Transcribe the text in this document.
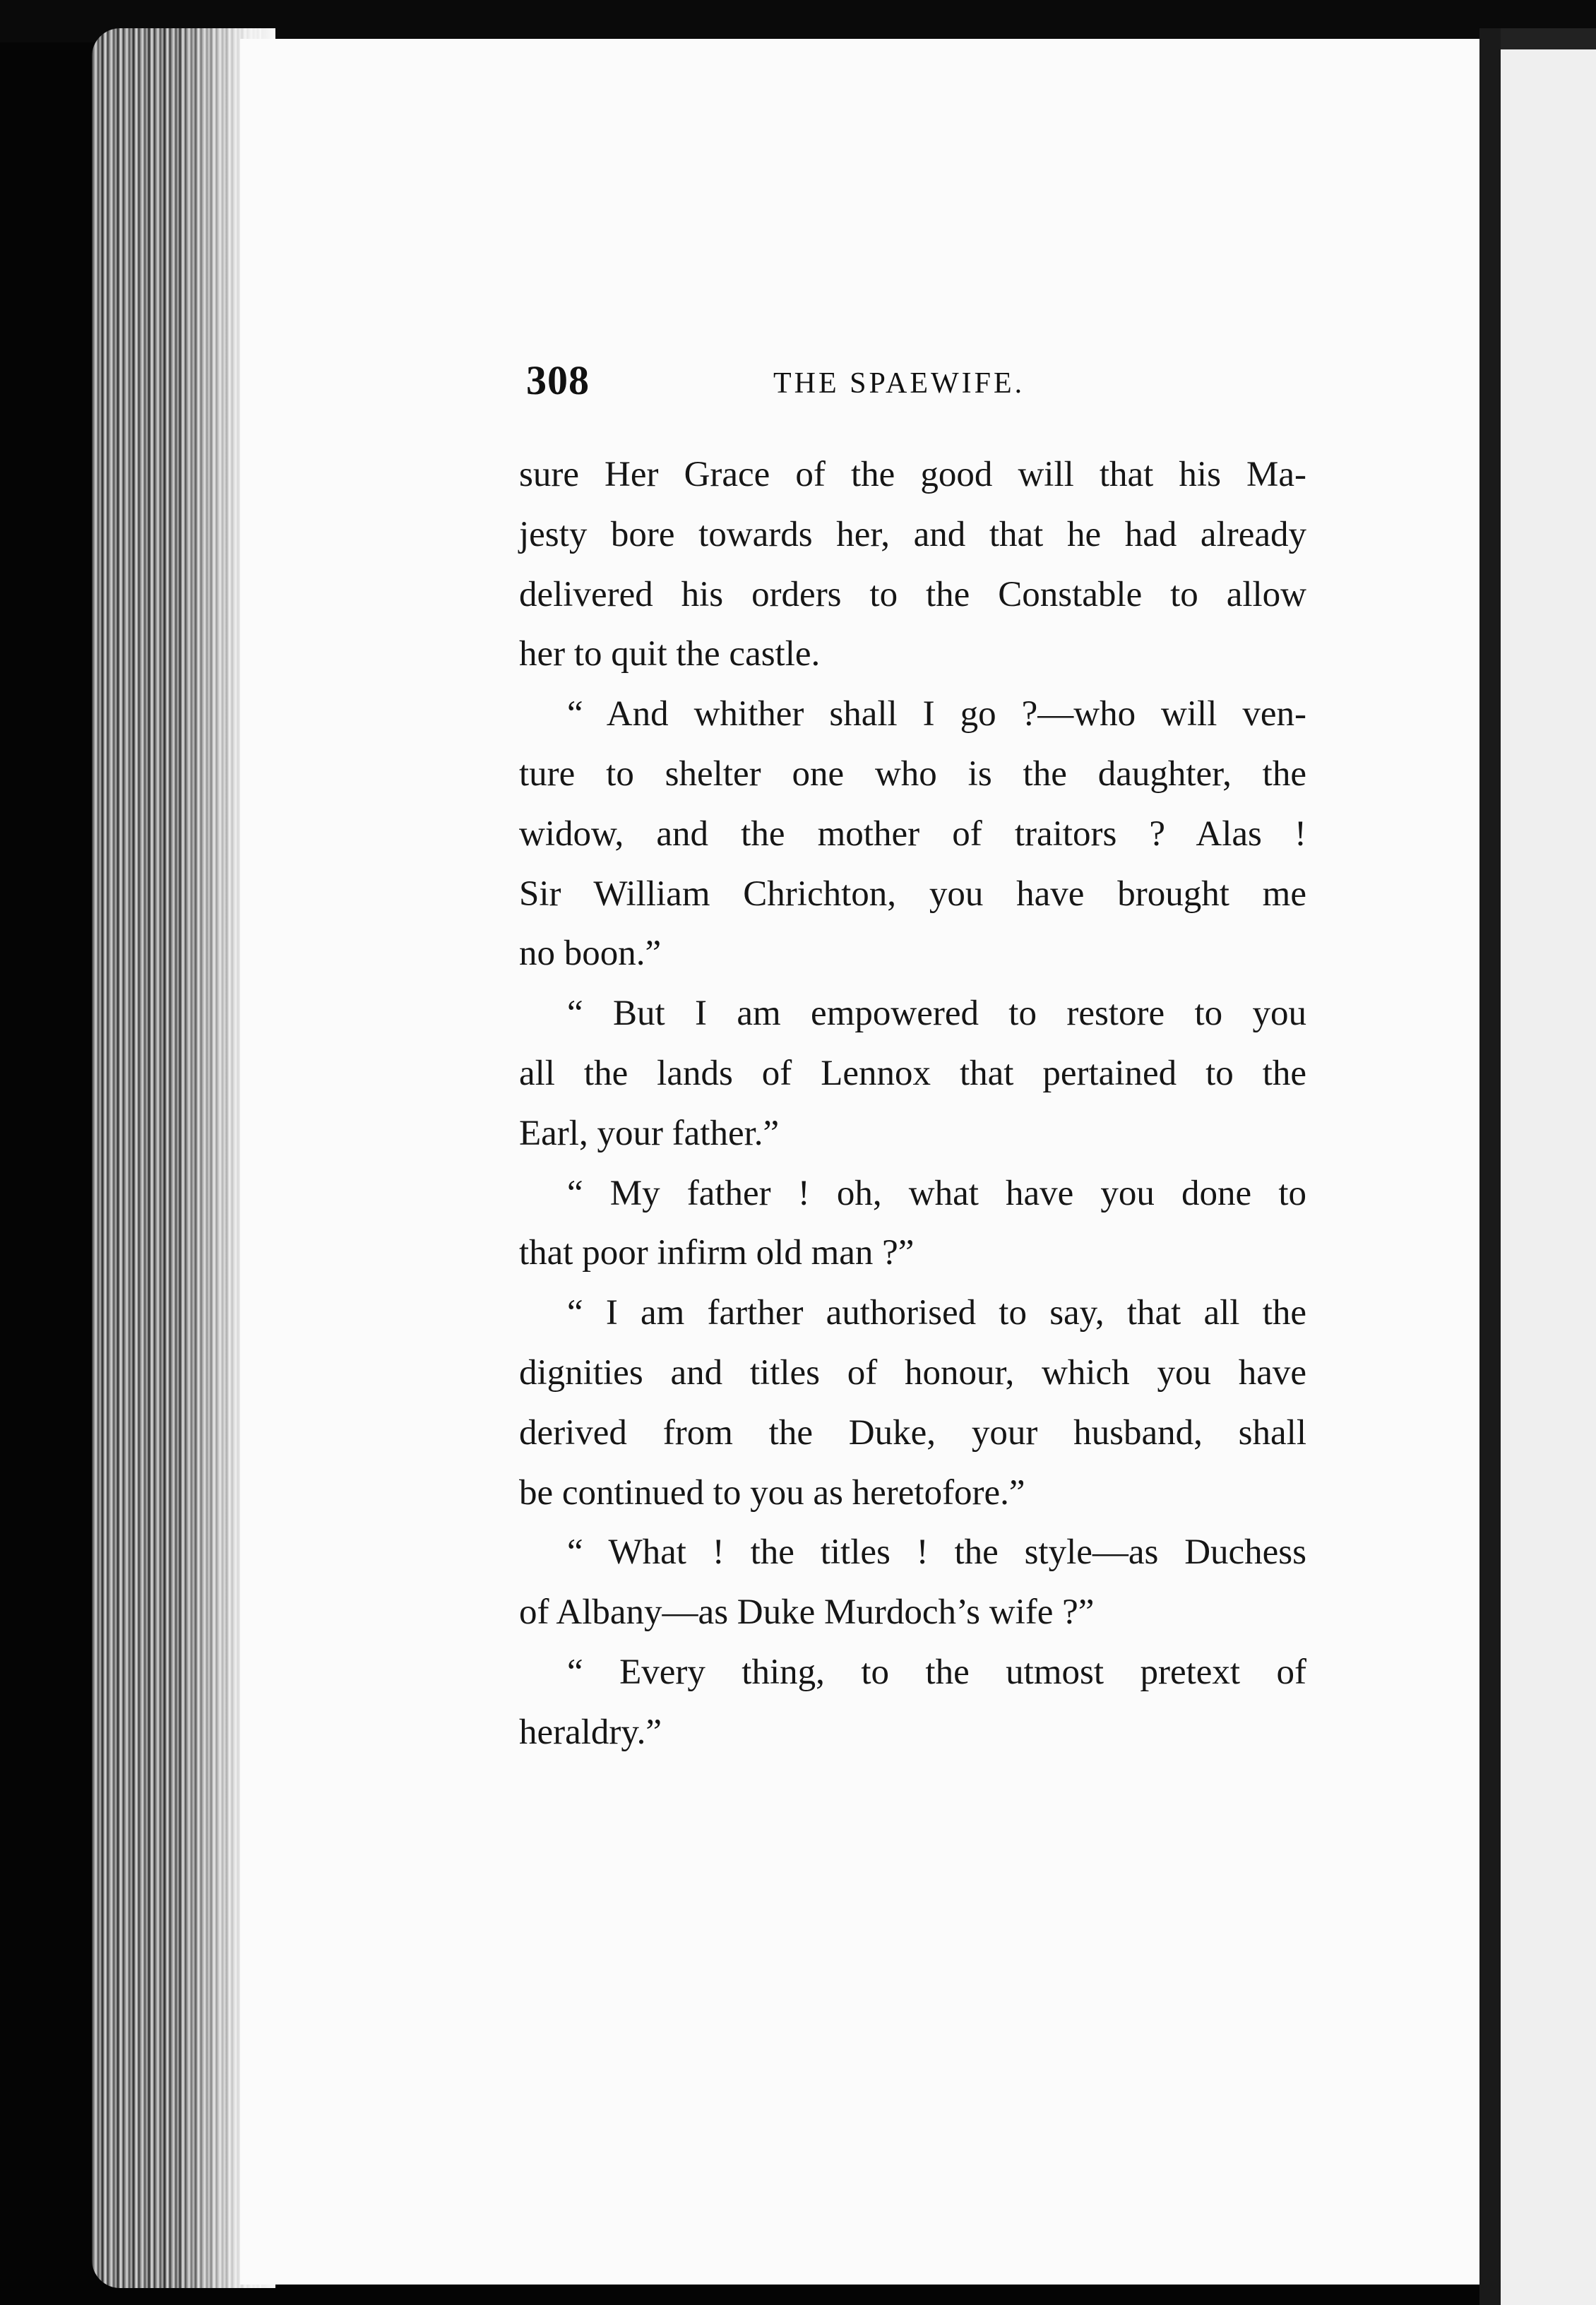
308	THE SPAEWIFE.
sure Her Grace of the good will that his Ma-
jesty bore towards her, and that he had already
delivered his orders to the Constable to allow
her to quit the castle.
“ And whither shall I go ?—who will ven-
ture to shelter one who is the daughter, the
widow, and the mother of traitors ? Alas !
Sir William Chrichton, you have brought me
no boon.”
“ But I am empowered to restore to you
all the lands of Lennox that pertained to the
Earl, your father.”
“ My father ! oh, what have you done to
that poor infirm old man ?”
“ I am farther authorised to say, that all the
dignities and titles of honour, which you have
derived from the Duke, your husband, shall
be continued to you as heretofore.”
“ What ! the titles ! the style—as Duchess
of Albany—as Duke Murdoch’s wife ?”
“ Every thing, to the utmost pretext of
heraldry.”
